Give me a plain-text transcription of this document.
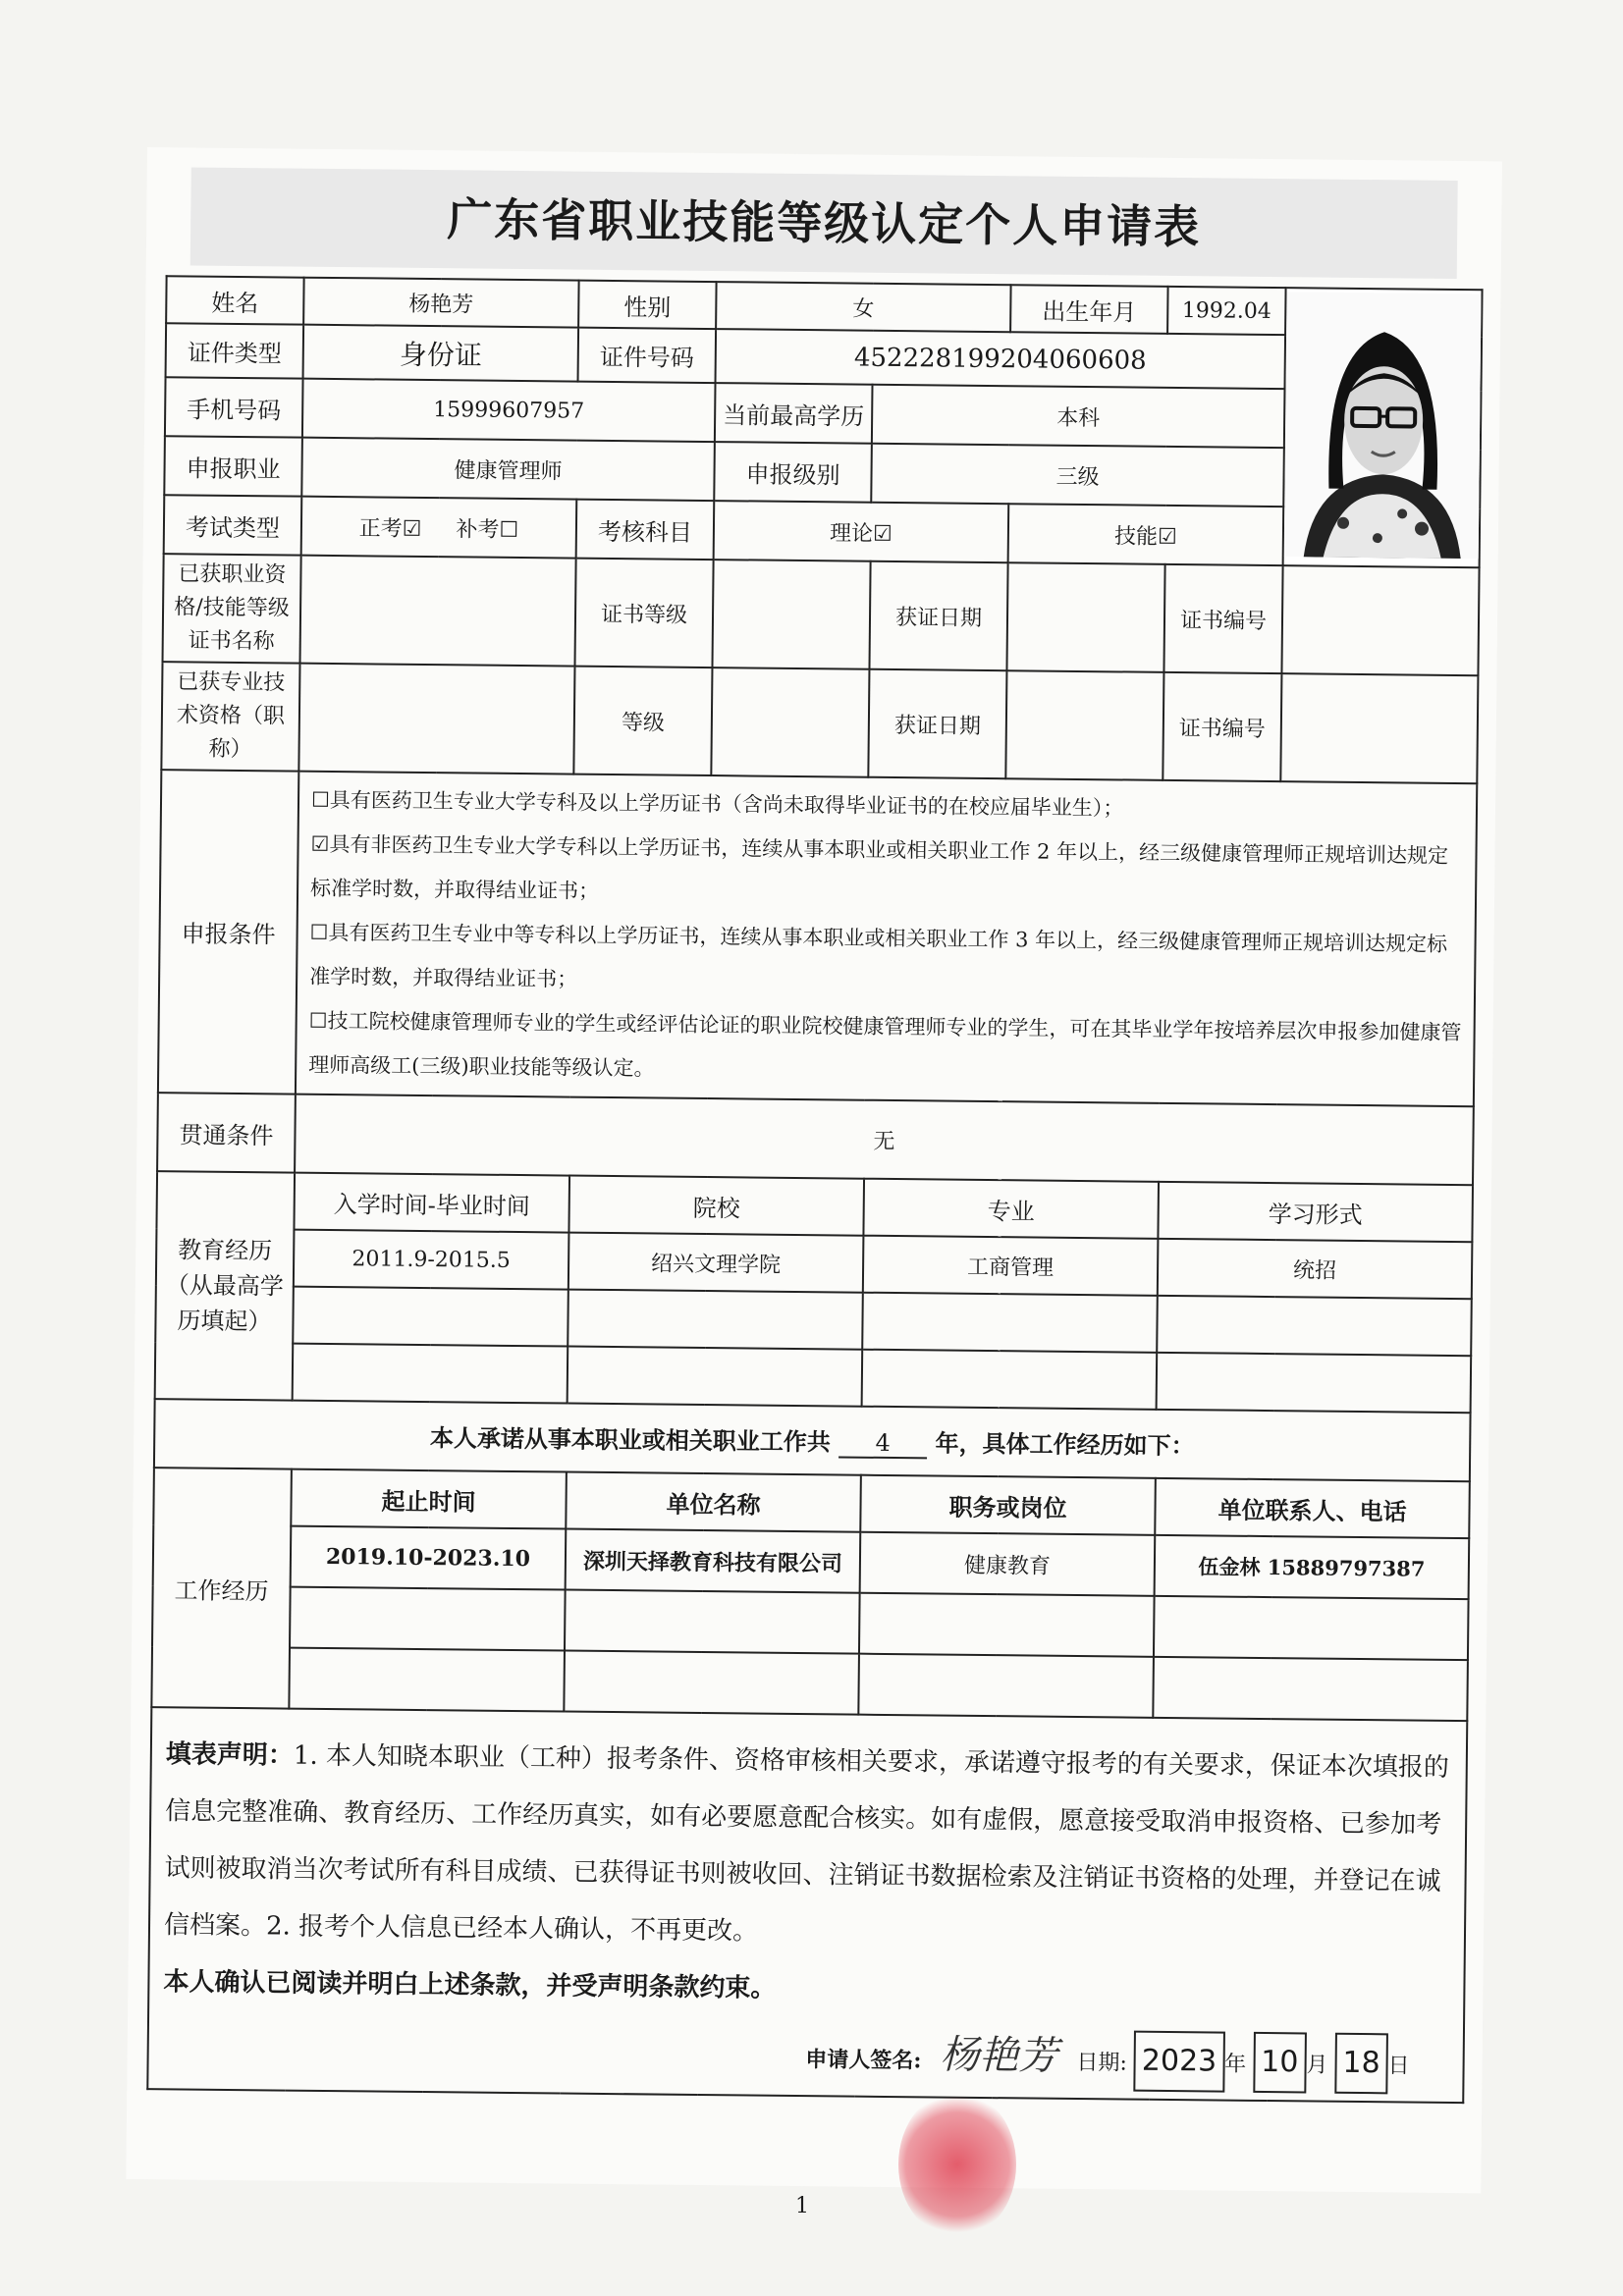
广东省职业技能等级认定个人申请表
姓名	杨艳芳	性别	女		出生年月	1992.04	
证件类型	身份证	证件号码	452228199204060608				
手机号码	15999607957		当前最高学历	本科			
申报职业	健康管理师		申报级别	三级			
考试类型	正考☑ 补考☐	考核科目	理论☑		技能☑		
已获职业资格/技能等级证书名称		证书等级		获证日期		证书编号	
已获专业技术资格（职称）		等级		获证日期		证书编号	
申报条件	☐具有医药卫生专业大学专科及以上学历证书（含尚未取得毕业证书的在校应届毕业生）；
☑具有非医药卫生专业大学专科以上学历证书，连续从事本职业或相关职业工作 2 年以上，经三级健康管理师正规培训达规定标准学时数，并取得结业证书；
☐具有医药卫生专业中等专科以上学历证书，连续从事本职业或相关职业工作 3 年以上，经三级健康管理师正规培训达规定标准学时数，并取得结业证书；
☐技工院校健康管理师专业的学生或经评估论证的职业院校健康管理师专业的学生，可在其毕业学年按培养层次申报参加健康管理师高级工(三级)职业技能等级认定。						

贯通条件	无						
教育经历（从最高学历填起）	入学时间-毕业时间	院校		专业		学习形式	
	2011.9-2015.5	绍兴文理学院		工商管理		统招	

本人承诺从事本职业或相关职业工作共 4 年，具体工作经历如下：							
工作经历	起止时间	单位名称		职务或岗位		单位联系人、电话	
	2019.10-2023.10	深圳天择教育科技有限公司		健康教育		伍金林 15889797387	

填表声明：1. 本人知晓本职业（工种）报考条件、资格审核相关要求，承诺遵守报考的有关要求，保证本次填报的信息完整准确、教育经历、工作经历真实，如有必要愿意配合核实。如有虚假，愿意接受取消申报资格、已参加考试则被取消当次考试所有科目成绩、已获得证书则被收回、注销证书数据检索及注销证书资格的处理，并登记在诚信档案。2. 报考个人信息已经本人确认，不再更改。
本人确认已阅读并明白上述条款，并受声明条款约束。
申请人签名: 杨艳芳 日期: 2023 年 10 月 18 日							
1
